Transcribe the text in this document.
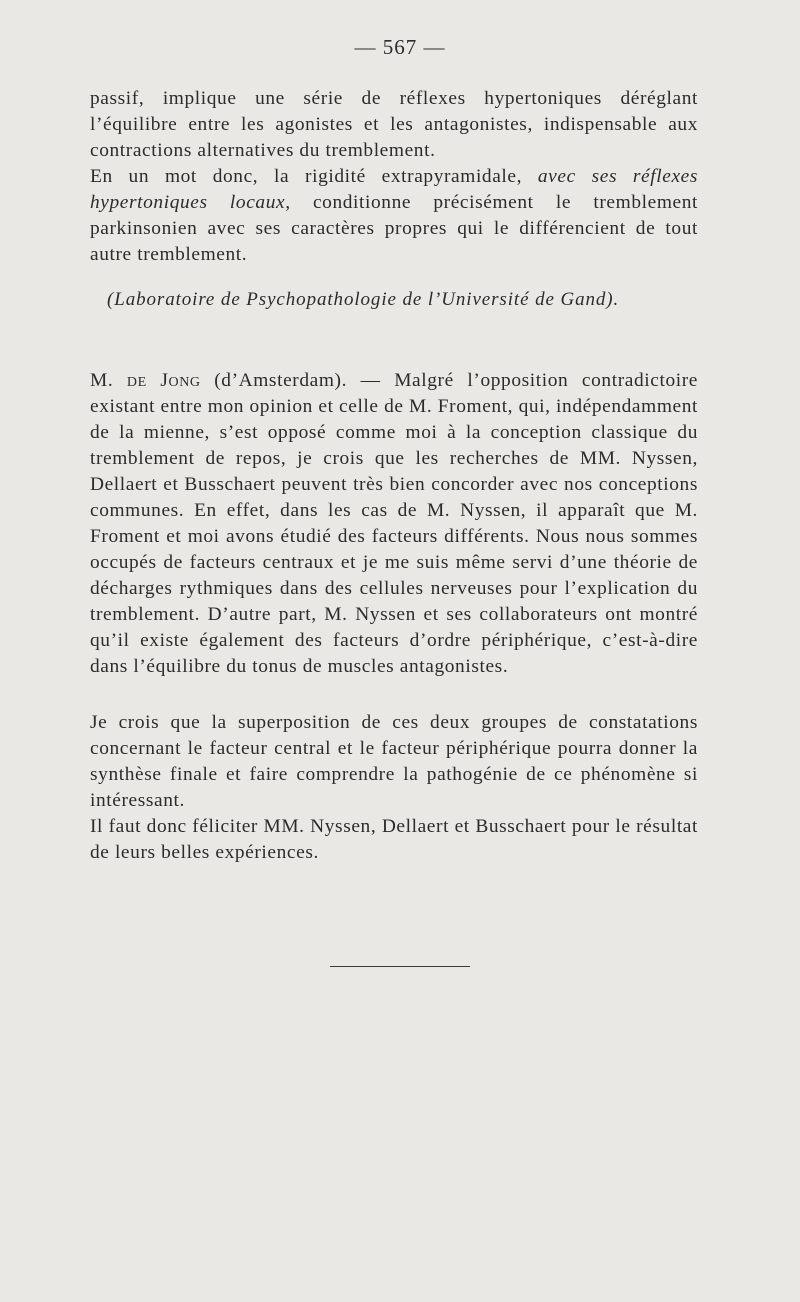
— 567 —

passif, implique une série de réflexes hypertoniques déréglant l’équilibre entre les agonistes et les antagonistes, indispensable aux contractions alternatives du tremblement.

En un mot donc, la rigidité extrapyramidale, avec ses réflexes hypertoniques locaux, conditionne précisément le tremblement parkinsonien avec ses caractères propres qui le différencient de tout autre tremblement.

(Laboratoire de Psychopathologie de l’Université de Gand).

M. de Jong (d’Amsterdam). — Malgré l’opposition contradictoire existant entre mon opinion et celle de M. Froment, qui, indépendamment de la mienne, s’est opposé comme moi à la conception classique du tremblement de repos, je crois que les recherches de MM. Nyssen, Dellaert et Busschaert peuvent très bien concorder avec nos conceptions communes. En effet, dans les cas de M. Nyssen, il apparaît que M. Froment et moi avons étudié des facteurs différents. Nous nous sommes occupés de facteurs centraux et je me suis même servi d’une théorie de décharges rythmiques dans des cellules nerveuses pour l’explication du tremblement. D’autre part, M. Nyssen et ses collaborateurs ont montré qu’il existe également des facteurs d’ordre périphérique, c’est-à-dire dans l’équilibre du tonus de muscles antagonistes.

Je crois que la superposition de ces deux groupes de constatations concernant le facteur central et le facteur périphérique pourra donner la synthèse finale et faire comprendre la pathogénie de ce phénomène si intéressant.

Il faut donc féliciter MM. Nyssen, Dellaert et Busschaert pour le résultat de leurs belles expériences.
